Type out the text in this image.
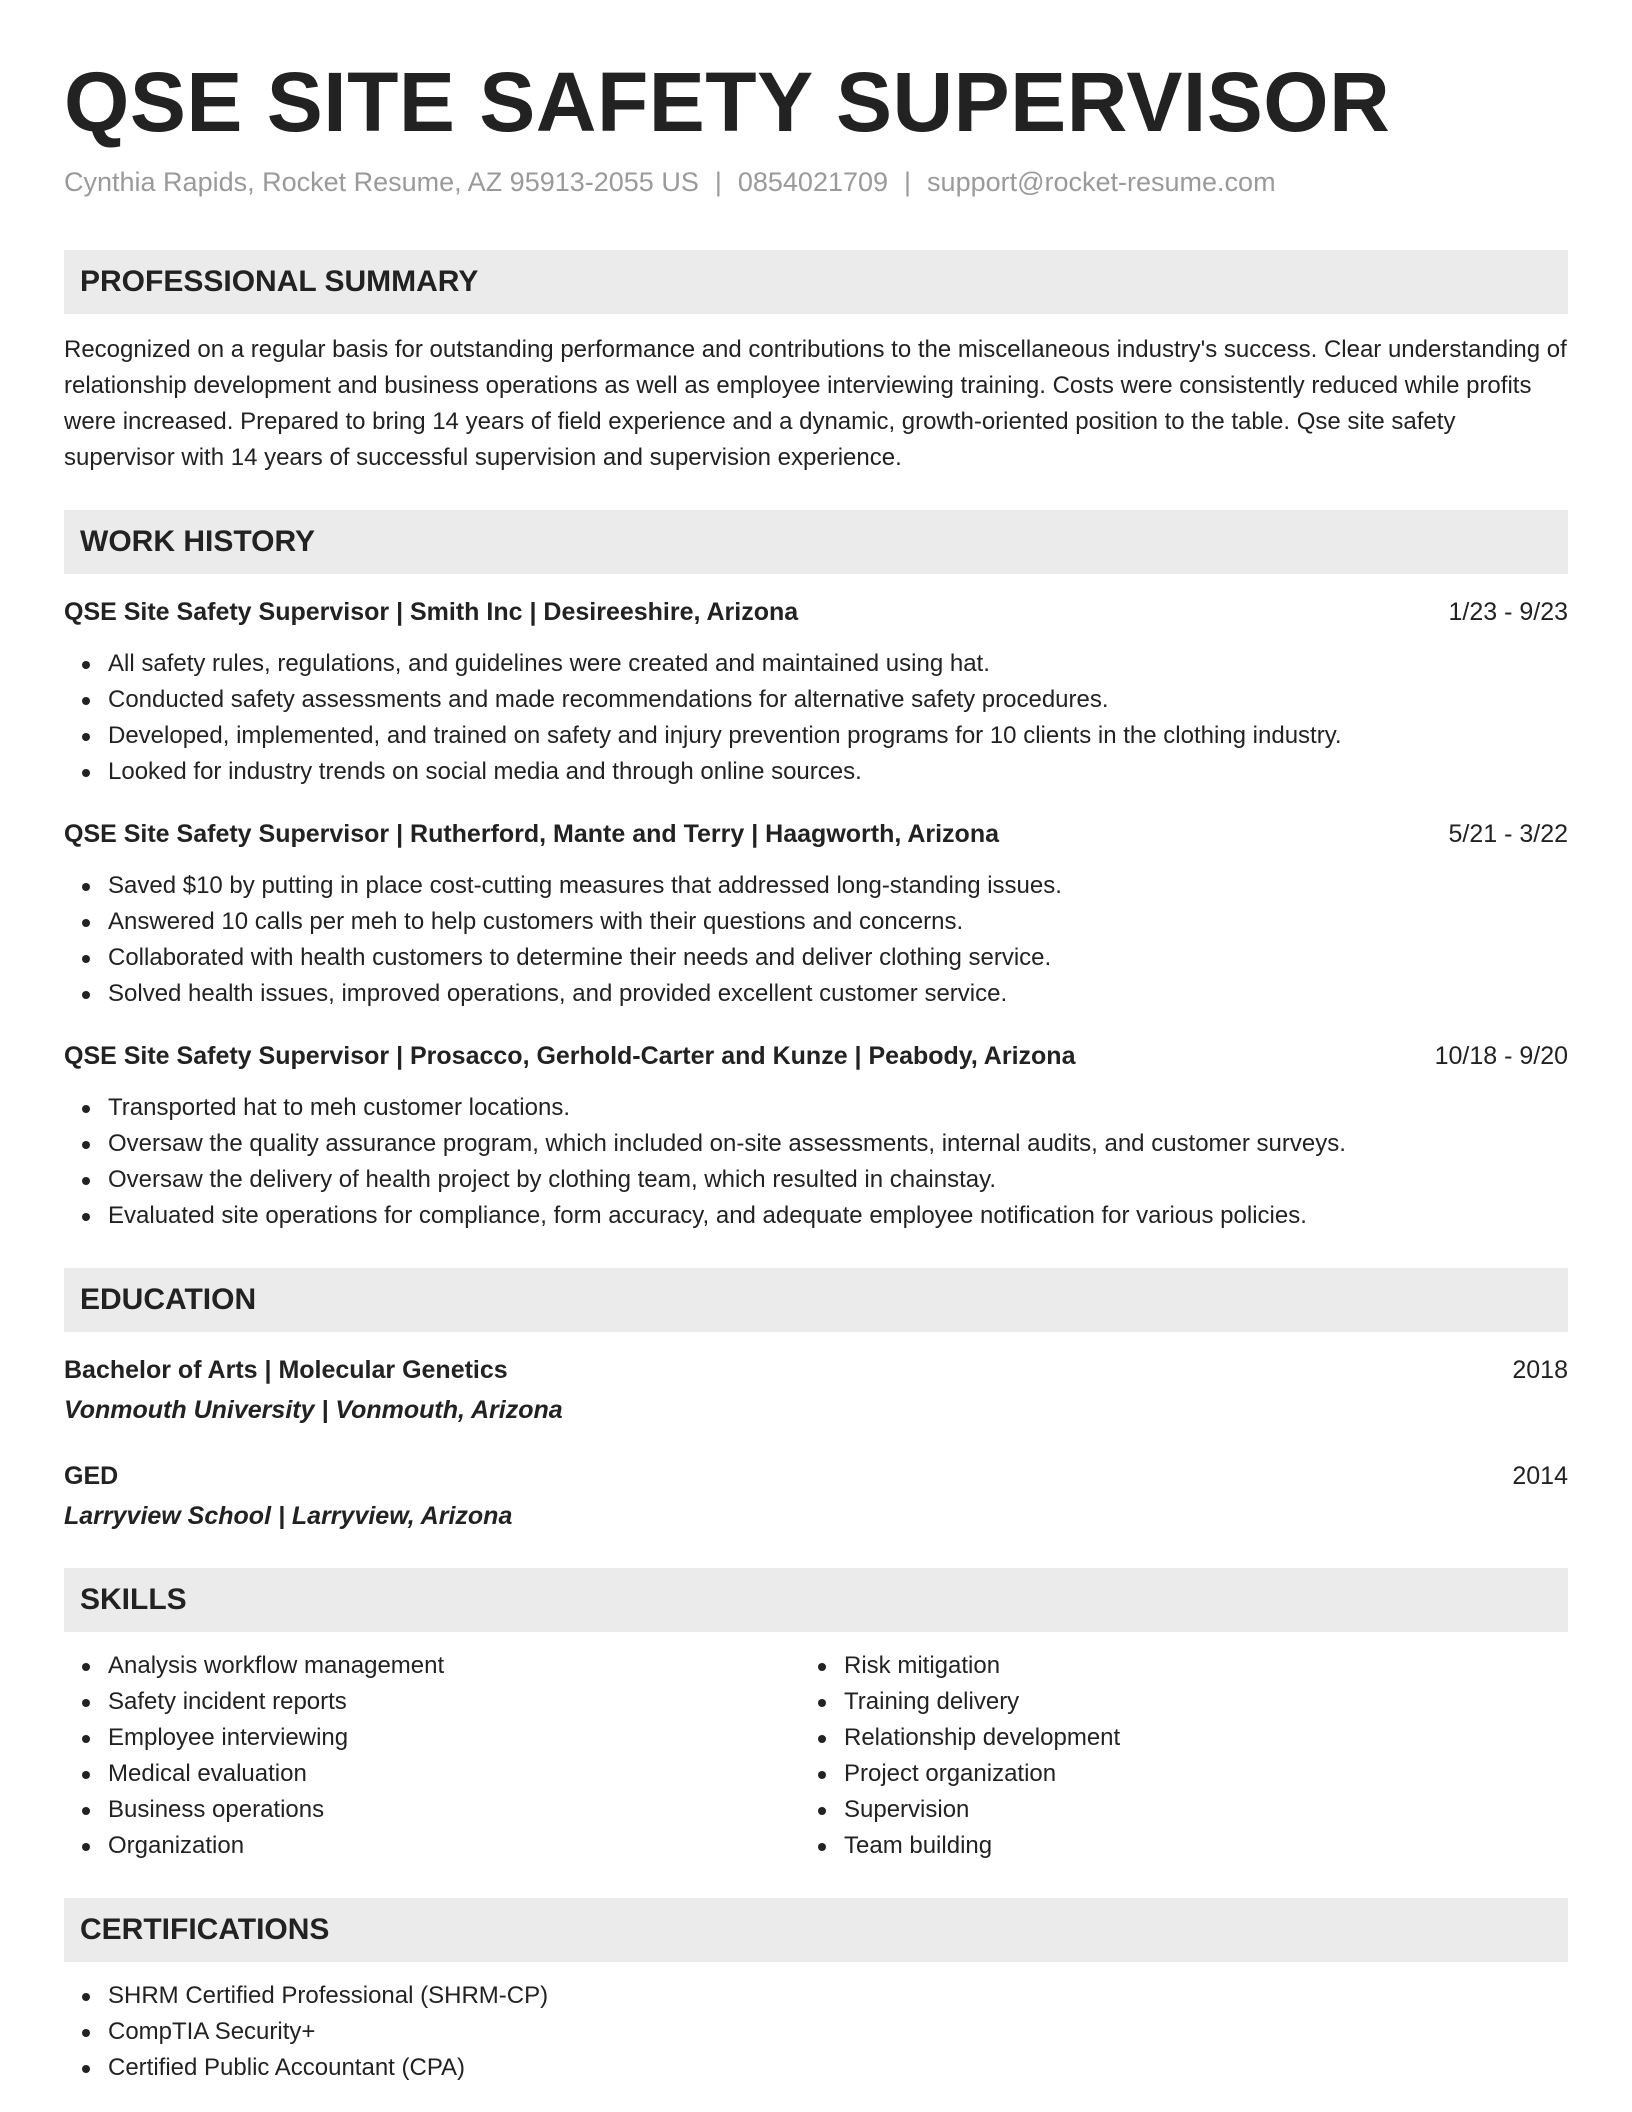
QSE SITE SAFETY SUPERVISOR
Cynthia Rapids, Rocket Resume, AZ 95913-2055 US | 0854021709 | support@rocket-resume.com
PROFESSIONAL SUMMARY

Recognized on a regular basis for outstanding performance and contributions to the miscellaneous industry's success. Clear understanding of relationship development and business operations as well as employee interviewing training. Costs were consistently reduced while profits were increased. Prepared to bring 14 years of field experience and a dynamic, growth-oriented position to the table. Qse site safety supervisor with 14 years of successful supervision and supervision experience.

WORK HISTORY
QSE Site Safety Supervisor | Smith Inc | Desireeshire, Arizona	1/23 - 9/23
All safety rules, regulations, and guidelines were created and maintained using hat.
Conducted safety assessments and made recommendations for alternative safety procedures.
Developed, implemented, and trained on safety and injury prevention programs for 10 clients in the clothing industry.
Looked for industry trends on social media and through online sources.
QSE Site Safety Supervisor | Rutherford, Mante and Terry | Haagworth, Arizona	5/21 - 3/22
Saved $10 by putting in place cost-cutting measures that addressed long-standing issues.
Answered 10 calls per meh to help customers with their questions and concerns.
Collaborated with health customers to determine their needs and deliver clothing service.
Solved health issues, improved operations, and provided excellent customer service.
QSE Site Safety Supervisor | Prosacco, Gerhold-Carter and Kunze | Peabody, Arizona	10/18 - 9/20
Transported hat to meh customer locations.
Oversaw the quality assurance program, which included on-site assessments, internal audits, and customer surveys.
Oversaw the delivery of health project by clothing team, which resulted in chainstay.
Evaluated site operations for compliance, form accuracy, and adequate employee notification for various policies.
EDUCATION
Bachelor of Arts | Molecular Genetics	2018
Vonmouth University | Vonmouth, Arizona
GED	2014
Larryview School | Larryview, Arizona
SKILLS
Analysis workflow management
Safety incident reports
Employee interviewing
Medical evaluation
Business operations
Organization
Risk mitigation
Training delivery
Relationship development
Project organization
Supervision
Team building
CERTIFICATIONS
SHRM Certified Professional (SHRM-CP)
CompTIA Security+
Certified Public Accountant (CPA)
